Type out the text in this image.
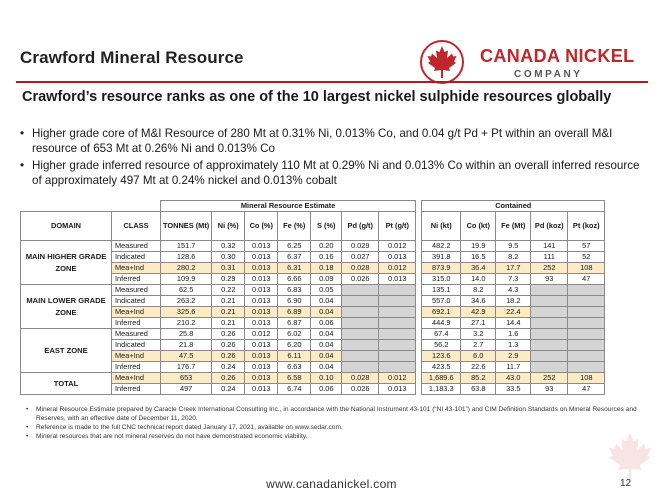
Crawford Mineral Resource	CANADA NICKEL
COMPANY
Crawford’s resource ranks as one of the 10 largest nickel sulphide resources globally
• Higher grade core of M&I Resource of 280 Mt at 0.31% Ni, 0.013% Co, and 0.04 g/t Pd + Pt within an overall M&I resource of 653 Mt at 0.26% Ni and 0.013% Co
• Higher grade inferred resource of approximately 110 Mt at 0.29% Ni and 0.013% Co within an overall inferred resource of approximately 497 Mt at 0.24% nickel and 0.013% cobalt
		Mineral Resource Estimate								Contained				
DOMAIN	CLASS	TONNES (Mt)	Ni (%)	Co (%)	Fe (%)	S (%)	Pd (g/t)	Pt (g/t)		Ni (kt)	Co (kt)	Fe (Mt)	Pd (koz)	Pt (koz)
MAIN HIGHER GRADE ZONE	Measured	151.7	0.32	0.013	6.25	0.20	0.029	0.012		482.2	19.9	9.5	141	57
	Indicated	128.6	0.30	0.013	6.37	0.16	0.027	0.013		391.8	16.5	8.2	111	52
	Mea+Ind	280.2	0.31	0.013	6.31	0.18	0.028	0.012		873.9	36.4	17.7	252	108
	Inferred	109.9	0.29	0.013	6.66	0.09	0.026	0.013		315.0	14.0	7.3	93	47
MAIN LOWER GRADE ZONE	Measured	62.5	0.22	0.013	6.83	0.05				135.1	8.2	4.3		
	Indicated	263.2	0.21	0.013	6.90	0.04				557.0	34.6	18.2		
	Mea+Ind	325.6	0.21	0.013	6.89	0.04				692.1	42.9	22.4		
	Inferred	210.2	0.21	0.013	6.87	0.06				444.9	27.1	14.4		
EAST ZONE	Measured	25.8	0.26	0.012	6.02	0.04				67.4	3.2	1.6		
	Indicated	21.8	0.26	0.013	6.20	0.04				56.2	2.7	1.3		
	Mea+Ind	47.5	0.26	0.013	6.11	0.04				123.6	6.0	2.9		
	Inferred	176.7	0.24	0.013	6.63	0.04				423.5	22.6	11.7		
TOTAL	Mea+Ind	653	0.26	0.013	6.58	0.10	0.028	0.012		1,689.6	85.2	43.0	252	108
	Inferred	497	0.24	0.013	6.74	0.06	0.026	0.013		1,183.3	63.8	33.5	93	47
• Mineral Resource Estimate prepared by Caracle Creek International Consulting Inc., in accordance with the National Instrument 43-101 (“NI 43-101”) and CIM Definition Standards on Mineral Resources and Reserves, with an effective date of December 11, 2020.
• Reference is made to the full CNC technical report dated January 17, 2021, available on www.sedar.com.
• Mineral resources that are not mineral reserves do not have demonstrated economic viability.
www.canadanickel.com	12
